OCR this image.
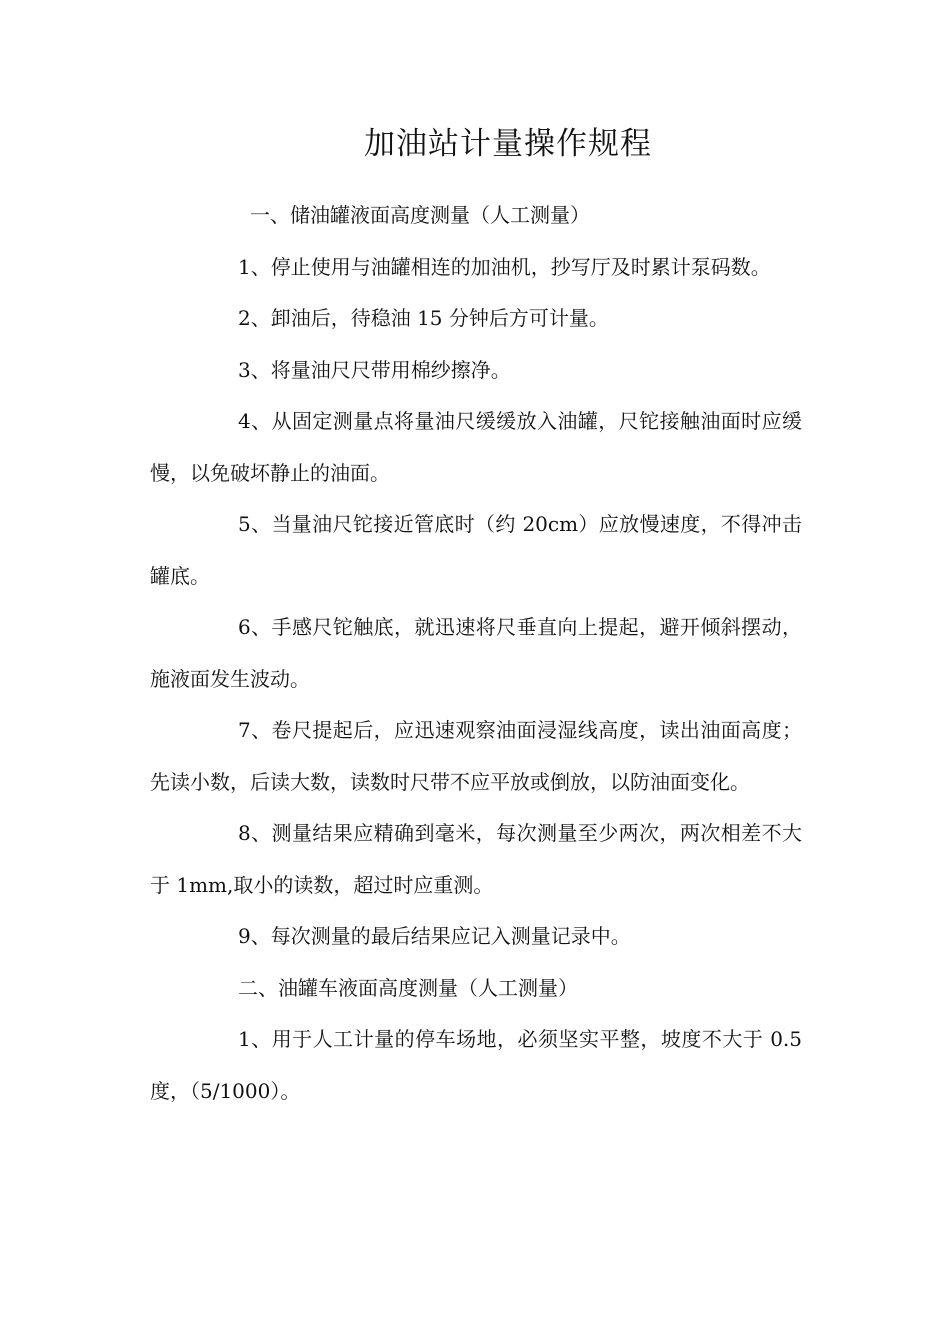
加油站计量操作规程

一、储油罐液面高度测量（人工测量）

1、停止使用与油罐相连的加油机，抄写厅及时累计泵码数。

2、卸油后，待稳油 15 分钟后方可计量。

3、将量油尺尺带用棉纱擦净。

4、从固定测量点将量油尺缓缓放入油罐，尺铊接触油面时应缓慢，以免破坏静止的油面。

5、当量油尺铊接近管底时（约 20cm）应放慢速度，不得冲击罐底。

6、手感尺铊触底，就迅速将尺垂直向上提起，避开倾斜摆动，施液面发生波动。

7、卷尺提起后，应迅速观察油面浸湿线高度，读出油面高度；先读小数，后读大数，读数时尺带不应平放或倒放，以防油面变化。

8、测量结果应精确到毫米，每次测量至少两次，两次相差不大于 1mm,取小的读数，超过时应重测。

9、每次测量的最后结果应记入测量记录中。

二、油罐车液面高度测量（人工测量）

1、用于人工计量的停车场地，必须坚实平整，坡度不大于 0.5 度，（5/1000）。
